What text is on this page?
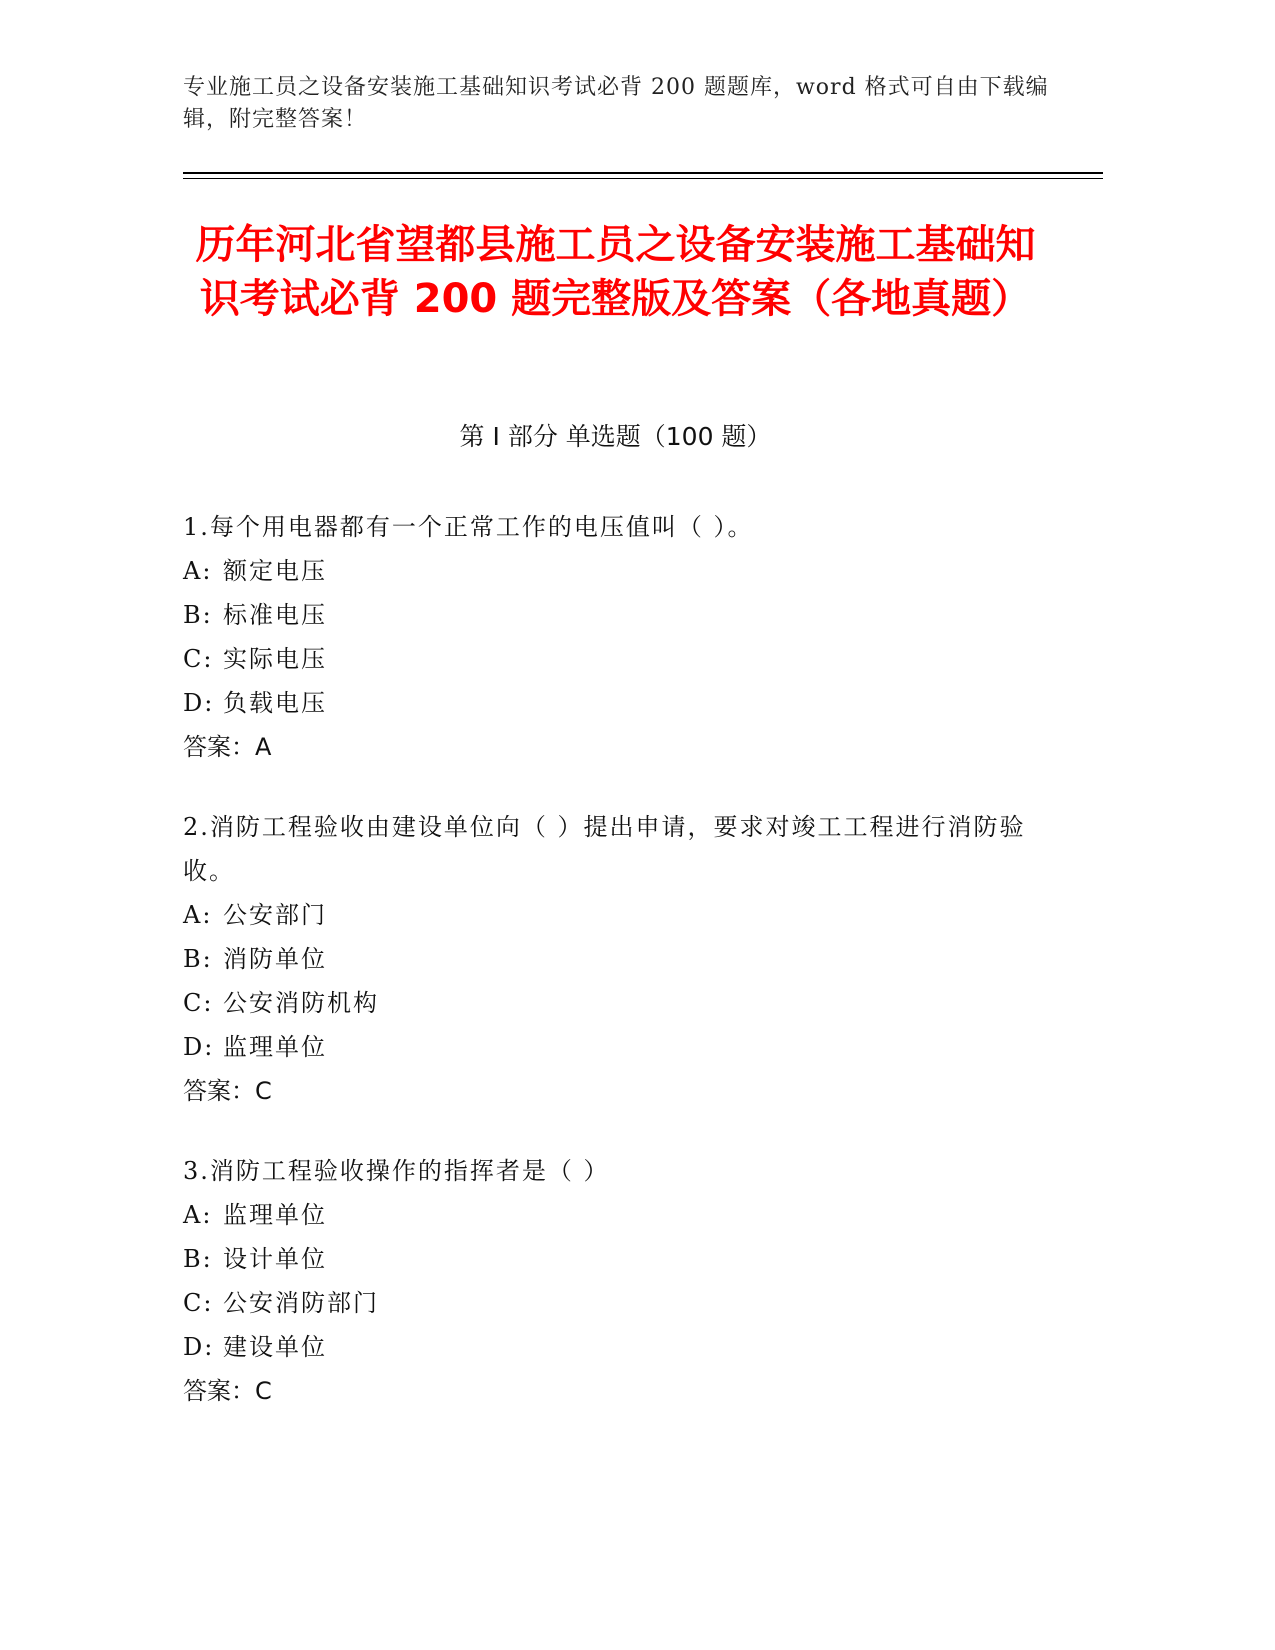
专业施工员之设备安装施工基础知识考试必背 200 题题库，word 格式可自由下载编辑，附完整答案！
历年河北省望都县施工员之设备安装施工基础知识考试必背 200 题完整版及答案（各地真题）
第 I 部分 单选题（100 题）
1.每个用电器都有一个正常工作的电压值叫（ ）。
A: 额定电压
B: 标准电压
C: 实际电压
D: 负载电压
答案：A
2.消防工程验收由建设单位向（ ）提出申请，要求对竣工工程进行消防验收。
A: 公安部门
B: 消防单位
C: 公安消防机构
D: 监理单位
答案：C
3.消防工程验收操作的指挥者是（ ）
A: 监理单位
B: 设计单位
C: 公安消防部门
D: 建设单位
答案：C
